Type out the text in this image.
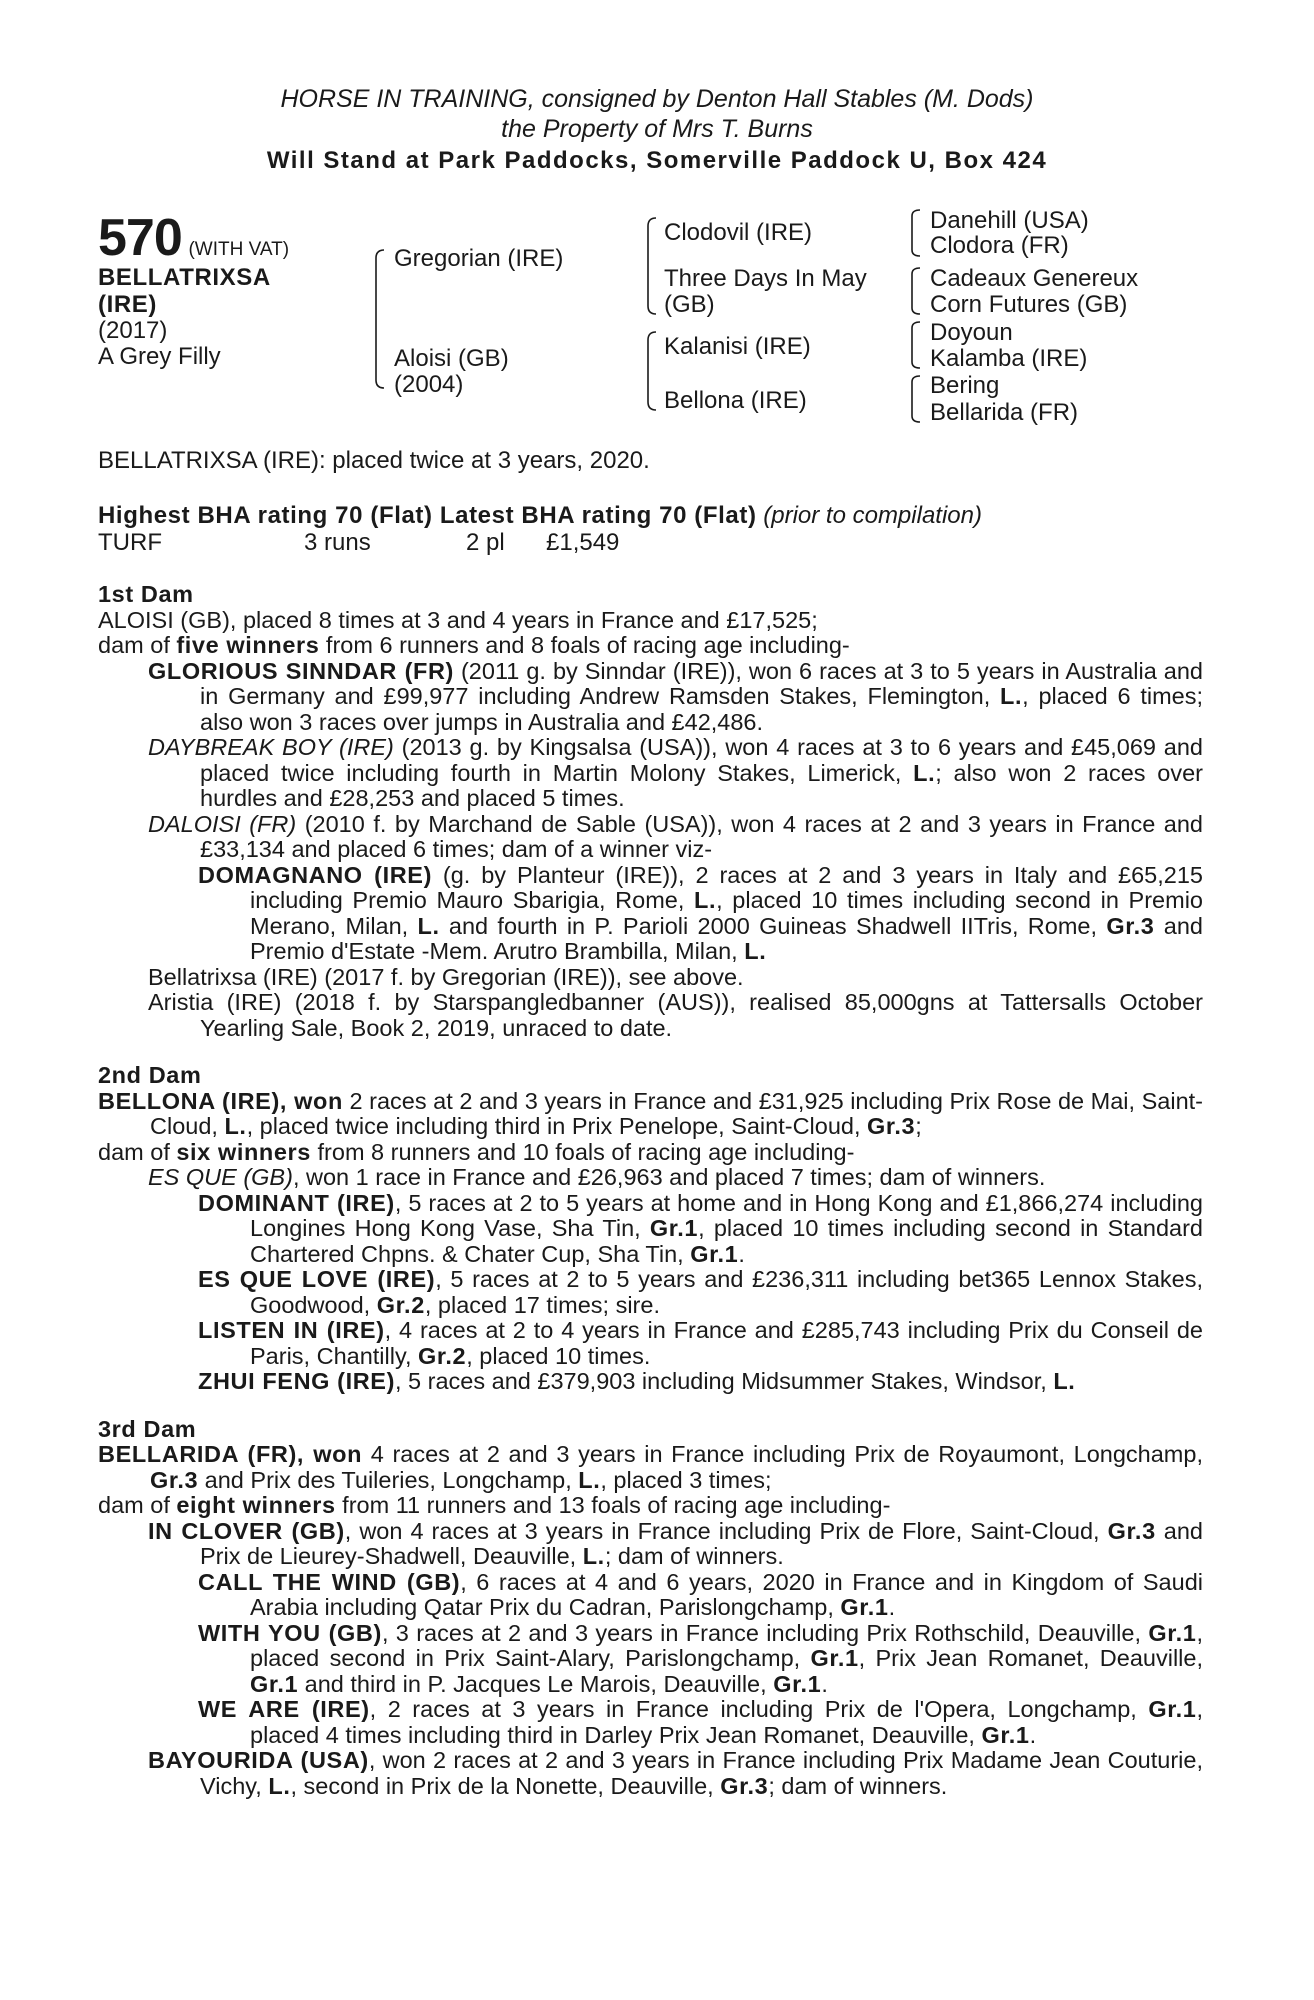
HORSE IN TRAINING, consigned by Denton Hall Stables (M. Dods)
the Property of Mrs T. Burns
Will Stand at Park Paddocks, Somerville Paddock U, Box 424
570 (WITH VAT)
BELLATRIXSA
(IRE)
(2017)
A Grey Filly
Gregorian (IRE)
Aloisi (GB)
(2004)
Clodovil (IRE)
Three Days In May
(GB)
Kalanisi (IRE)
Bellona (IRE)
Danehill (USA)
Clodora (FR)
Cadeaux Genereux
Corn Futures (GB)
Doyoun
Kalamba (IRE)
Bering
Bellarida (FR)
BELLATRIXSA (IRE): placed twice at 3 years, 2020.
Highest BHA rating 70 (Flat) Latest BHA rating 70 (Flat) (prior to compilation)
TURF	3 runs	2 pl £1,549
1st Dam
ALOISI (GB), placed 8 times at 3 and 4 years in France and £17,525;
dam of five winners from 6 runners and 8 foals of racing age including-
GLORIOUS SINNDAR (FR) (2011 g. by Sinndar (IRE)), won 6 races at 3 to 5 years in Australia and in Germany and £99,977 including Andrew Ramsden Stakes, Flemington, L., placed 6 times; also won 3 races over jumps in Australia and £42,486.
DAYBREAK BOY (IRE) (2013 g. by Kingsalsa (USA)), won 4 races at 3 to 6 years and £45,069 and placed twice including fourth in Martin Molony Stakes, Limerick, L.; also won 2 races over hurdles and £28,253 and placed 5 times.
DALOISI (FR) (2010 f. by Marchand de Sable (USA)), won 4 races at 2 and 3 years in France and £33,134 and placed 6 times; dam of a winner viz-
DOMAGNANO (IRE) (g. by Planteur (IRE)), 2 races at 2 and 3 years in Italy and £65,215 including Premio Mauro Sbarigia, Rome, L., placed 10 times including second in Premio Merano, Milan, L. and fourth in P. Parioli 2000 Guineas Shadwell IITris, Rome, Gr.3 and Premio d'Estate -Mem. Arutro Brambilla, Milan, L.
Bellatrixsa (IRE) (2017 f. by Gregorian (IRE)), see above.
Aristia (IRE) (2018 f. by Starspangledbanner (AUS)), realised 85,000gns at Tattersalls October Yearling Sale, Book 2, 2019, unraced to date.
2nd Dam
BELLONA (IRE), won 2 races at 2 and 3 years in France and £31,925 including Prix Rose de Mai, Saint-Cloud, L., placed twice including third in Prix Penelope, Saint-Cloud, Gr.3;
dam of six winners from 8 runners and 10 foals of racing age including-
ES QUE (GB), won 1 race in France and £26,963 and placed 7 times; dam of winners.
DOMINANT (IRE), 5 races at 2 to 5 years at home and in Hong Kong and £1,866,274 including Longines Hong Kong Vase, Sha Tin, Gr.1, placed 10 times including second in Standard Chartered Chpns. & Chater Cup, Sha Tin, Gr.1.
ES QUE LOVE (IRE), 5 races at 2 to 5 years and £236,311 including bet365 Lennox Stakes, Goodwood, Gr.2, placed 17 times; sire.
LISTEN IN (IRE), 4 races at 2 to 4 years in France and £285,743 including Prix du Conseil de Paris, Chantilly, Gr.2, placed 10 times.
ZHUI FENG (IRE), 5 races and £379,903 including Midsummer Stakes, Windsor, L.
3rd Dam
BELLARIDA (FR), won 4 races at 2 and 3 years in France including Prix de Royaumont, Longchamp, Gr.3 and Prix des Tuileries, Longchamp, L., placed 3 times;
dam of eight winners from 11 runners and 13 foals of racing age including-
IN CLOVER (GB), won 4 races at 3 years in France including Prix de Flore, Saint-Cloud, Gr.3 and Prix de Lieurey-Shadwell, Deauville, L.; dam of winners.
CALL THE WIND (GB), 6 races at 4 and 6 years, 2020 in France and in Kingdom of Saudi Arabia including Qatar Prix du Cadran, Parislongchamp, Gr.1.
WITH YOU (GB), 3 races at 2 and 3 years in France including Prix Rothschild, Deauville, Gr.1, placed second in Prix Saint-Alary, Parislongchamp, Gr.1, Prix Jean Romanet, Deauville, Gr.1 and third in P. Jacques Le Marois, Deauville, Gr.1.
WE ARE (IRE), 2 races at 3 years in France including Prix de l'Opera, Longchamp, Gr.1, placed 4 times including third in Darley Prix Jean Romanet, Deauville, Gr.1.
BAYOURIDA (USA), won 2 races at 2 and 3 years in France including Prix Madame Jean Couturie, Vichy, L., second in Prix de la Nonette, Deauville, Gr.3; dam of winners.
